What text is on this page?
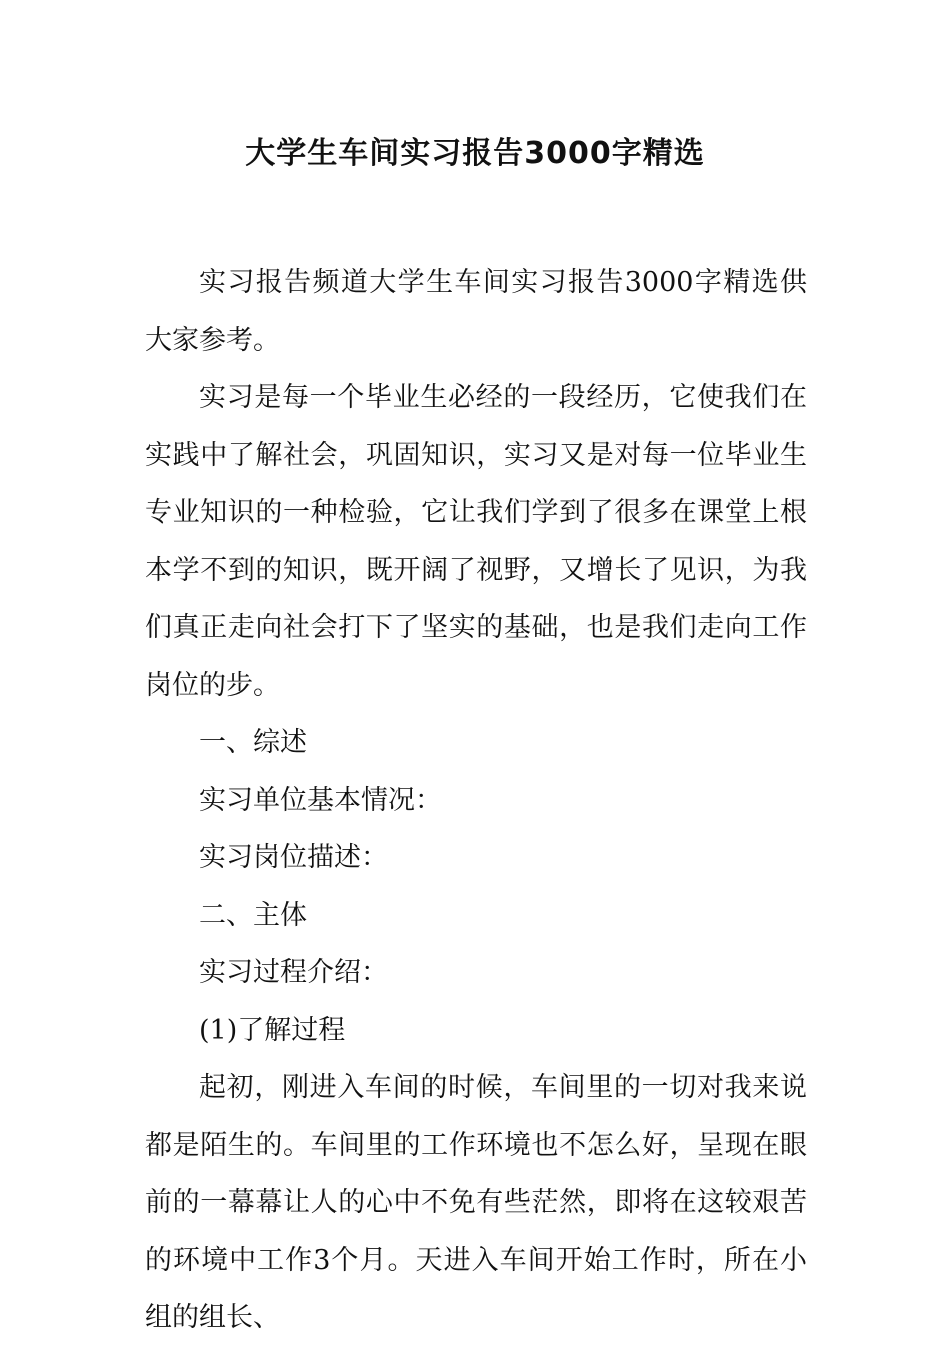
大学生车间实习报告3000字精选

实习报告频道大学生车间实习报告3000字精选供大家参考。

实习是每一个毕业生必经的一段经历，它使我们在实践中了解社会，巩固知识，实习又是对每一位毕业生专业知识的一种检验，它让我们学到了很多在课堂上根本学不到的知识，既开阔了视野，又增长了见识，为我们真正走向社会打下了坚实的基础，也是我们走向工作岗位的步。

一、综述

实习单位基本情况：

实习岗位描述：

二、主体

实习过程介绍：

(1)了解过程

起初，刚进入车间的时候，车间里的一切对我来说都是陌生的。车间里的工作环境也不怎么好，呈现在眼前的一幕幕让人的心中不免有些茫然，即将在这较艰苦的环境中工作3个月。天进入车间开始工作时，所在小组的组长、
